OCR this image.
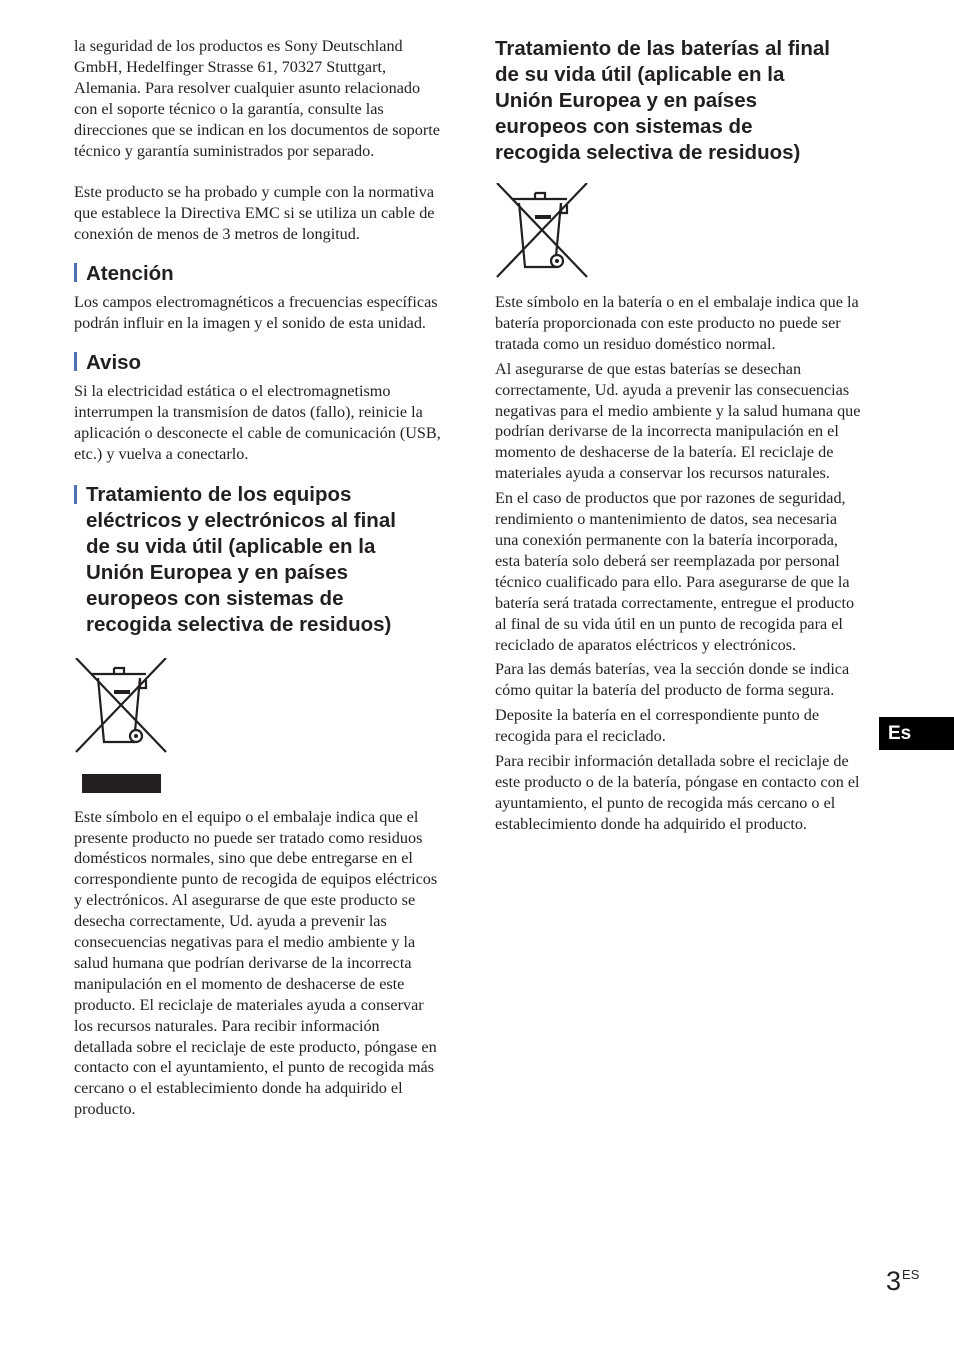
la seguridad de los productos es Sony Deutschland GmbH, Hedelfinger Strasse 61, 70327 Stuttgart, Alemania. Para resolver cualquier asunto relacionado con el soporte técnico o la garantía, consulte las direcciones que se indican en los documentos de soporte técnico y garantía suministrados por separado.

Este producto se ha probado y cumple con la normativa que establece la Directiva EMC si se utiliza un cable de conexión de menos de 3 metros de longitud.

Atención

Los campos electromagnéticos a frecuencias específicas podrán influir en la imagen y el sonido de esta unidad.

Aviso

Si la electricidad estática o el electromagnetismo interrumpen la transmisíon de datos (fallo), reinicie la aplicación o desconecte el cable de comunicación (USB, etc.) y vuelva a conectarlo.

Tratamiento de los equipos
eléctricos y electrónicos al final
de su vida útil (aplicable en la
Unión Europea y en países
europeos con sistemas de
recogida selectiva de residuos)

Este símbolo en el equipo o el embalaje indica que el presente producto no puede ser tratado como residuos domésticos normales, sino que debe entregarse en el correspondiente punto de recogida de equipos eléctricos y electrónicos. Al asegurarse de que este producto se desecha correctamente, Ud. ayuda a prevenir las consecuencias negativas para el medio ambiente y la salud humana que podrían derivarse de la incorrecta manipulación en el momento de deshacerse de este producto. El reciclaje de materiales ayuda a conservar los recursos naturales. Para recibir información detallada sobre el reciclaje de este producto, póngase en contacto con el ayuntamiento, el punto de recogida más cercano o el establecimiento donde ha adquirido el producto.

Tratamiento de las baterías al final
de su vida útil (aplicable en la
Unión Europea y en países
europeos con sistemas de
recogida selectiva de residuos)

Este símbolo en la batería o en el embalaje indica que la batería proporcionada con este producto no puede ser tratada como un residuo doméstico normal.

Al asegurarse de que estas baterías se desechan correctamente, Ud. ayuda a prevenir las consecuencias negativas para el medio ambiente y la salud humana que podrían derivarse de la incorrecta manipulación en el momento de deshacerse de la batería. El reciclaje de materiales ayuda a conservar los recursos naturales.

En el caso de productos que por razones de seguridad, rendimiento o mantenimiento de datos, sea necesaria una conexión permanente con la batería incorporada, esta batería solo deberá ser reemplazada por personal técnico cualificado para ello. Para asegurarse de que la batería será tratada correctamente, entregue el producto al final de su vida útil en un punto de recogida para el reciclado de aparatos eléctricos y electrónicos.

Para las demás baterías, vea la sección donde se indica cómo quitar la batería del producto de forma segura.

Deposite la batería en el correspondiente punto de recogida para el reciclado.

Para recibir información detallada sobre el reciclaje de este producto o de la batería, póngase en contacto con el ayuntamiento, el punto de recogida más cercano o el establecimiento donde ha adquirido el producto.

Es
$3^{ES}$
